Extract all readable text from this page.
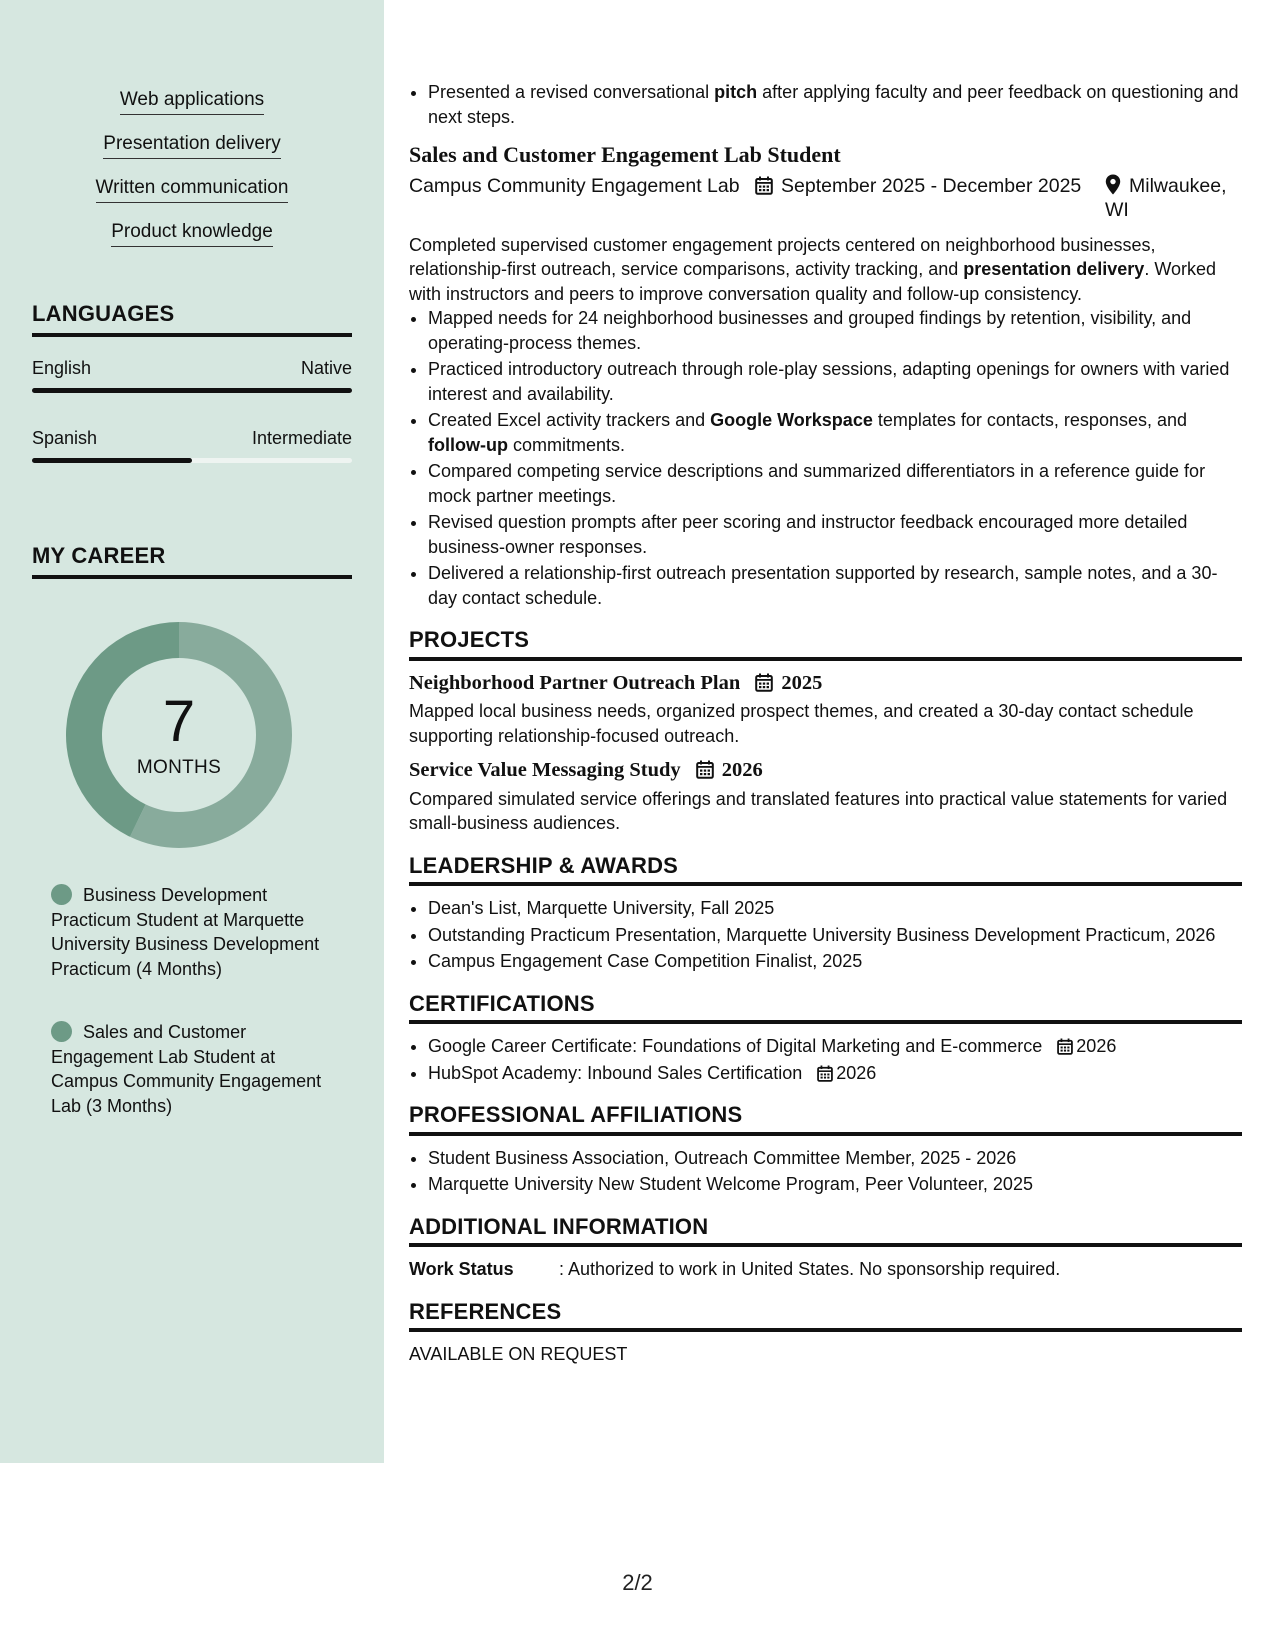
Web applications
Presentation delivery
Written communication
Product knowledge
LANGUAGES
English	Native
Spanish	Intermediate
MY CAREER
7
MONTHS
Business Development Practicum Student at Marquette University Business Development Practicum (4 Months)
Sales and Customer Engagement Lab Student at Campus Community Engagement Lab (3 Months)
• Presented a revised conversational pitch after applying faculty and peer feedback on questioning and next steps.
Sales and Customer Engagement Lab Student
Campus Community Engagement Lab	September 2025 - December 2025	Milwaukee, WI
Completed supervised customer engagement projects centered on neighborhood businesses, relationship-first outreach, service comparisons, activity tracking, and presentation delivery. Worked with instructors and peers to improve conversation quality and follow-up consistency.
• Mapped needs for 24 neighborhood businesses and grouped findings by retention, visibility, and operating-process themes.
• Practiced introductory outreach through role-play sessions, adapting openings for owners with varied interest and availability.
• Created Excel activity trackers and Google Workspace templates for contacts, responses, and follow-up commitments.
• Compared competing service descriptions and summarized differentiators in a reference guide for mock partner meetings.
• Revised question prompts after peer scoring and instructor feedback encouraged more detailed business-owner responses.
• Delivered a relationship-first outreach presentation supported by research, sample notes, and a 30-day contact schedule.
PROJECTS
Neighborhood Partner Outreach Plan 2025
Mapped local business needs, organized prospect themes, and created a 30-day contact schedule supporting relationship-focused outreach.
Service Value Messaging Study 2026
Compared simulated service offerings and translated features into practical value statements for varied small-business audiences.
LEADERSHIP & AWARDS
• Dean's List, Marquette University, Fall 2025
• Outstanding Practicum Presentation, Marquette University Business Development Practicum, 2026
• Campus Engagement Case Competition Finalist, 2025
CERTIFICATIONS
• Google Career Certificate: Foundations of Digital Marketing and E-commerce 2026
• HubSpot Academy: Inbound Sales Certification 2026
PROFESSIONAL AFFILIATIONS
• Student Business Association, Outreach Committee Member, 2025 - 2026
• Marquette University New Student Welcome Program, Peer Volunteer, 2025
ADDITIONAL INFORMATION
Work Status	: Authorized to work in United States. No sponsorship required.
REFERENCES
AVAILABLE ON REQUEST
2/2
